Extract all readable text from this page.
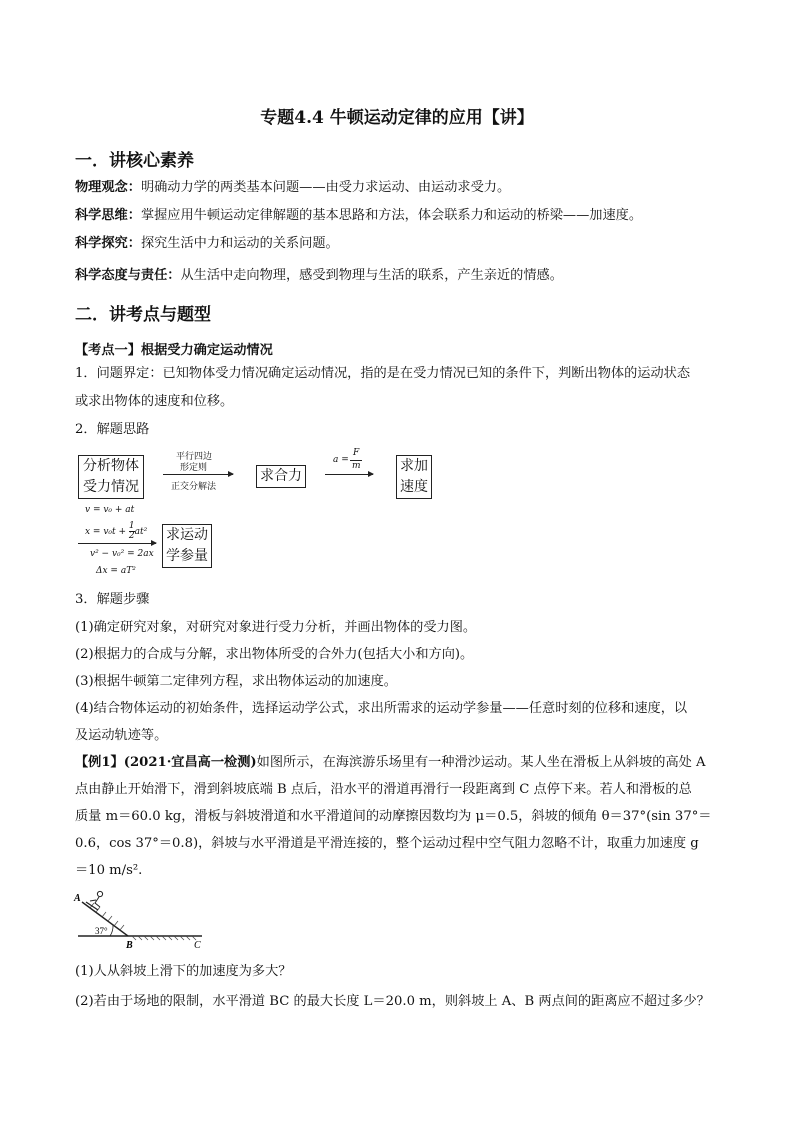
专题4.4 牛顿运动定律的应用【讲】
一．讲核心素养
物理观念：明确动力学的两类基本问题——由受力求运动、由运动求受力。
科学思维：掌握应用牛顿运动定律解题的基本思路和方法，体会联系力和运动的桥梁——加速度。
科学探究：探究生活中力和运动的关系问题。
科学态度与责任：从生活中走向物理，感受到物理与生活的联系，产生亲近的情感。
二．讲考点与题型
【考点一】根据受力确定运动情况
1．问题界定：已知物体受力情况确定运动情况，指的是在受力情况已知的条件下，判断出物体的运动状态
或求出物体的速度和位移。
2．解题思路
分析物体
受力情况
平行四边
形定则
正交分解法
求合力
a =
F
m	求加
速度
v = v₀ + at
$x = v_0t + \frac{1}{2} at^2$
v² − v₀² = 2ax
Δx = aT²
求运动
学参量
3．解题步骤
(1)确定研究对象，对研究对象进行受力分析，并画出物体的受力图。
(2)根据力的合成与分解，求出物体所受的合外力(包括大小和方向)。
(3)根据牛顿第二定律列方程，求出物体运动的加速度。
(4)结合物体运动的初始条件，选择运动学公式，求出所需求的运动学参量——任意时刻的位移和速度，以
及运动轨迹等。
【例1】(2021·宜昌高一检测)如图所示，在海滨游乐场里有一种滑沙运动。某人坐在滑板上从斜坡的高处 A
点由静止开始滑下，滑到斜坡底端 B 点后，沿水平的滑道再滑行一段距离到 C 点停下来。若人和滑板的总
质量 m＝60.0 kg，滑板与斜坡滑道和水平滑道间的动摩擦因数均为 μ＝0.5，斜坡的倾角 θ＝37°(sin 37°＝
0.6，cos 37°＝0.8)，斜坡与水平滑道是平滑连接的，整个运动过程中空气阻力忽略不计，取重力加速度 g
＝10 m/s².
A
37°
B	C
(1)人从斜坡上滑下的加速度为多大？
(2)若由于场地的限制，水平滑道 BC 的最大长度 L＝20.0 m，则斜坡上 A、B 两点间的距离应不超过多少？
